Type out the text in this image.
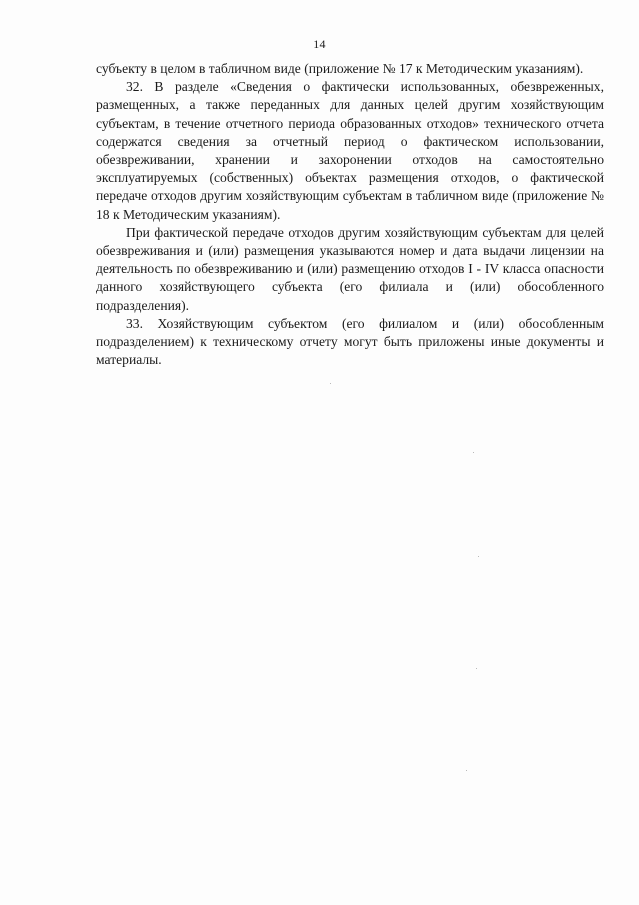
14

субъекту в целом в табличном виде (приложение № 17 к Методическим указаниям).

32. В разделе «Сведения о фактически использованных, обезвреженных, размещенных, а также переданных для данных целей другим хозяйствующим субъектам, в течение отчетного периода образованных отходов» технического отчета содержатся сведения за отчетный период о фактическом использовании, обезвреживании, хранении и захоронении отходов на самостоятельно эксплуатируемых (собственных) объектах размещения отходов, о фактической передаче отходов другим хозяйствующим субъектам в табличном виде (приложение № 18 к Методическим указаниям).

При фактической передаче отходов другим хозяйствующим субъектам для целей обезвреживания и (или) размещения указываются номер и дата выдачи лицензии на деятельность по обезвреживанию и (или) размещению отходов I - IV класса опасности данного хозяйствующего субъекта (его филиала и (или) обособленного подразделения).

33. Хозяйствующим субъектом (его филиалом и (или) обособленным подразделением) к техническому отчету могут быть приложены иные документы и материалы.
